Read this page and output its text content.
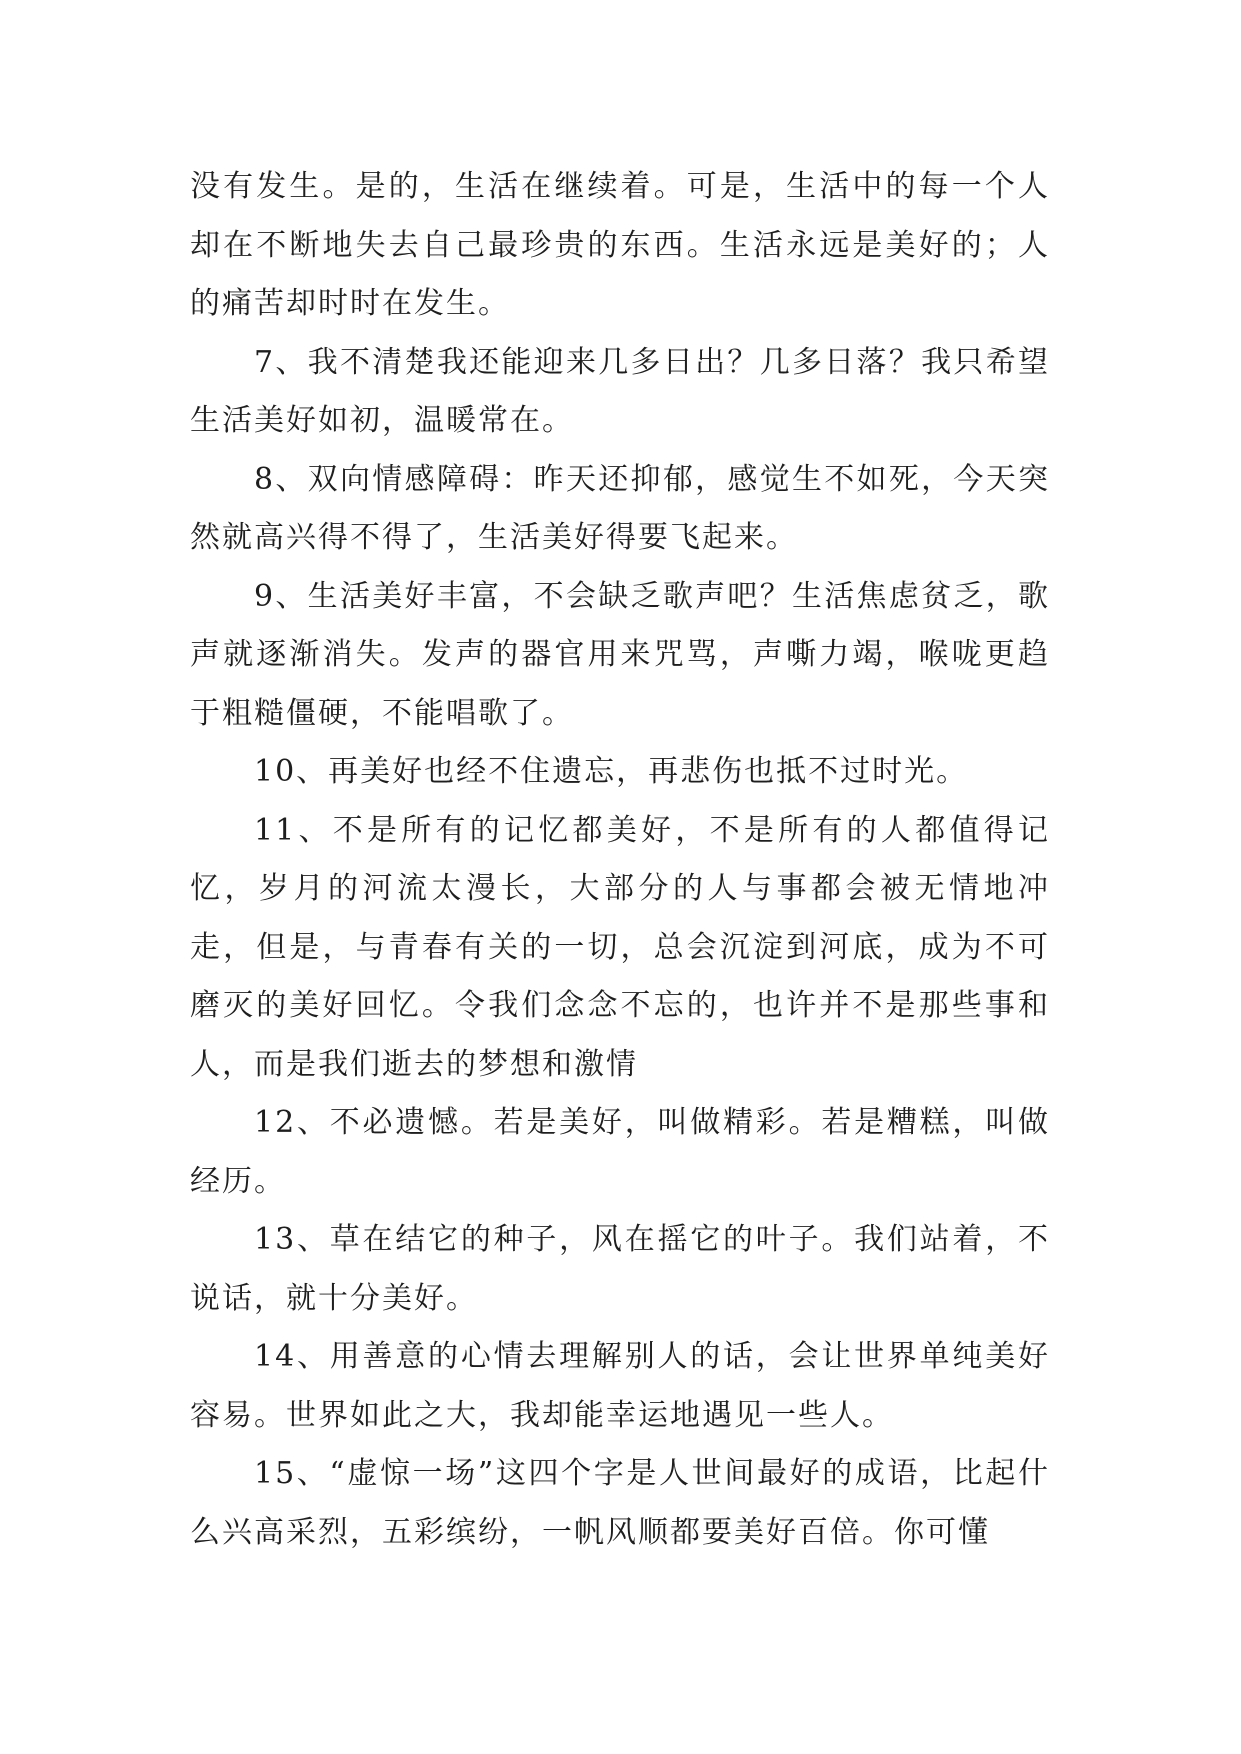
没有发生。是的，生活在继续着。可是，生活中的每一个人却在不断地失去自己最珍贵的东西。生活永远是美好的；人的痛苦却时时在发生。

7、我不清楚我还能迎来几多日出？几多日落？我只希望生活美好如初，温暖常在。

8、双向情感障碍：昨天还抑郁，感觉生不如死，今天突然就高兴得不得了，生活美好得要飞起来。

9、生活美好丰富，不会缺乏歌声吧？生活焦虑贫乏，歌声就逐渐消失。发声的器官用来咒骂，声嘶力竭，喉咙更趋于粗糙僵硬，不能唱歌了。

10、再美好也经不住遗忘，再悲伤也抵不过时光。

11、不是所有的记忆都美好，不是所有的人都值得记忆，岁月的河流太漫长，大部分的人与事都会被无情地冲走，但是，与青春有关的一切，总会沉淀到河底，成为不可磨灭的美好回忆。令我们念念不忘的，也许并不是那些事和人，而是我们逝去的梦想和激情

12、不必遗憾。若是美好，叫做精彩。若是糟糕，叫做经历。

13、草在结它的种子，风在摇它的叶子。我们站着，不说话，就十分美好。

14、用善意的心情去理解别人的话，会让世界单纯美好容易。世界如此之大，我却能幸运地遇见一些人。

15、“虚惊一场”这四个字是人世间最好的成语，比起什么兴高采烈，五彩缤纷，一帆风顺都要美好百倍。你可懂
